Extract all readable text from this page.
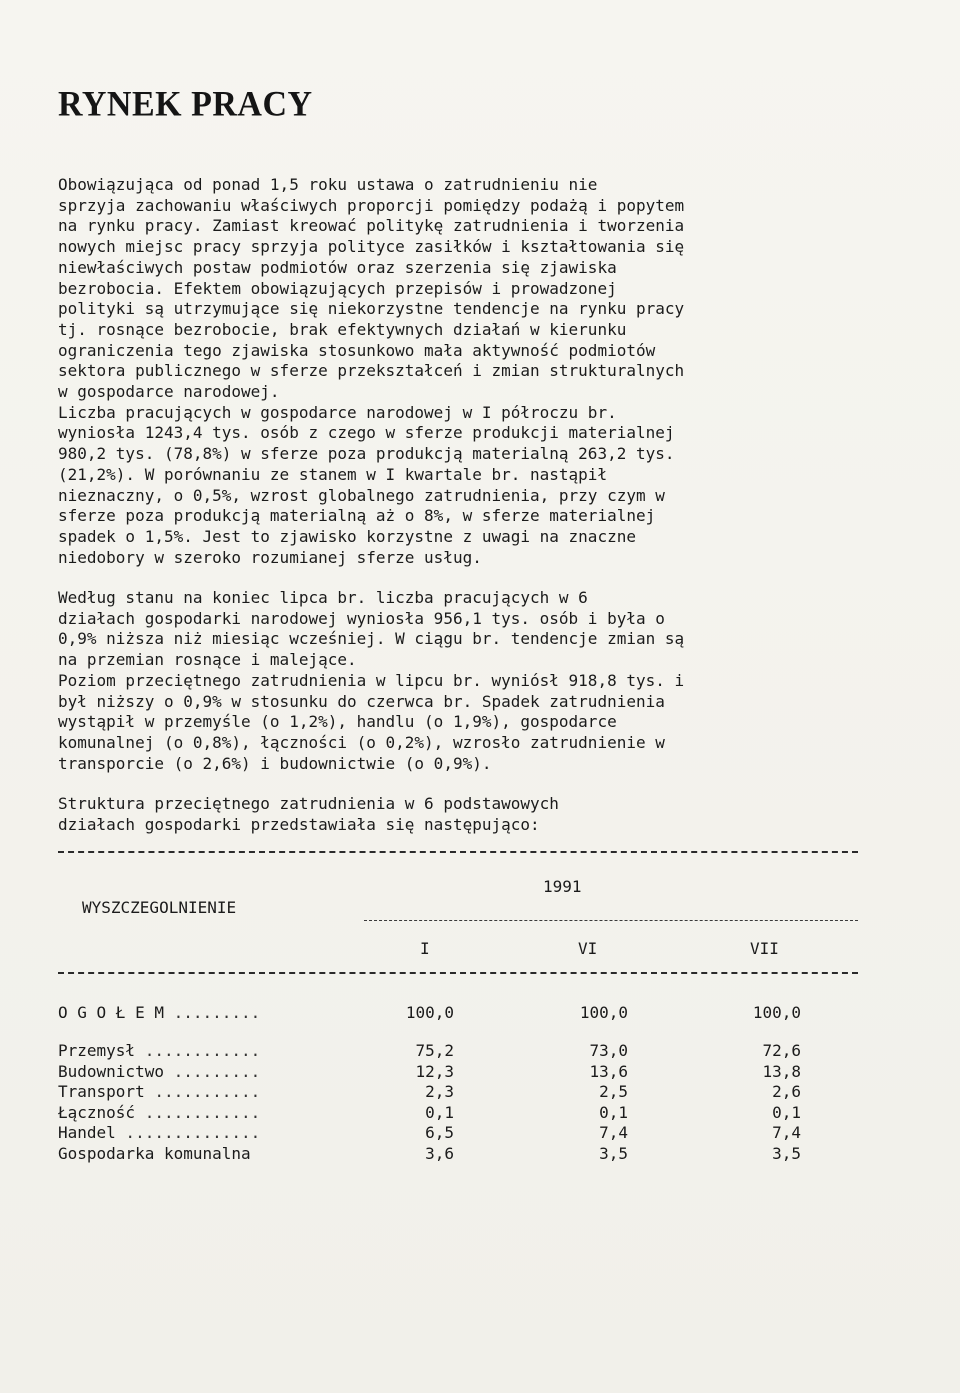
RYNEK PRACY
Obowiązująca od ponad 1,5 roku ustawa o zatrudnieniu nie
sprzyja zachowaniu właściwych proporcji pomiędzy podażą i popytem
na rynku pracy. Zamiast kreować politykę zatrudnienia i tworzenia
nowych miejsc pracy sprzyja polityce zasiłków i kształtowania się
niewłaściwych postaw podmiotów oraz szerzenia się zjawiska
bezrobocia. Efektem obowiązujących przepisów i prowadzonej
polityki są utrzymujące się niekorzystne tendencje na rynku pracy
tj. rosnące bezrobocie, brak efektywnych działań w kierunku
ograniczenia tego zjawiska stosunkowo mała aktywność podmiotów
sektora publicznego w sferze przekształceń i zmian strukturalnych
w gospodarce narodowej.
Liczba pracujących w gospodarce narodowej w I półroczu br.
wyniosła 1243,4 tys. osób z czego w sferze produkcji materialnej
980,2 tys. (78,8%) w sferze poza produkcją materialną 263,2 tys.
(21,2%). W porównaniu ze stanem w I kwartale br. nastąpił
nieznaczny, o 0,5%, wzrost globalnego zatrudnienia, przy czym w
sferze poza produkcją materialną aż o 8%, w sferze materialnej
spadek o 1,5%. Jest to zjawisko korzystne z uwagi na znaczne
niedobory w szeroko rozumianej sferze usług.
Według stanu na koniec lipca br. liczba pracujących w 6
działach gospodarki narodowej wyniosła 956,1 tys. osób i była o
0,9% niższa niż miesiąc wcześniej. W ciągu br. tendencje zmian są
na przemian rosnące i malejące.
Poziom przeciętnego zatrudnienia w lipcu br. wyniósł 918,8 tys. i
był niższy o 0,9% w stosunku do czerwca br. Spadek zatrudnienia
wystąpił w przemyśle (o 1,2%), handlu (o 1,9%), gospodarce
komunalnej (o 0,8%), łączności (o 0,2%), wzrosło zatrudnienie w
transporcie (o 2,6%) i budownictwie (o 0,9%).
Struktura przeciętnego zatrudnienia w 6 podstawowych
działach gospodarki przedstawiała się następująco:
1991
WYSZCZEGOLNIENIE
I	VI	VII
O G O Ł E M .........	100,0	100,0	100,0
Przemysł ............	75,2	73,0	72,6
Budownictwo .........	12,3	13,6	13,8
Transport ...........	2,3	2,5	2,6
Łączność ............	0,1	0,1	0,1
Handel ..............	6,5	7,4	7,4
Gospodarka komunalna	3,6	3,5	3,5
